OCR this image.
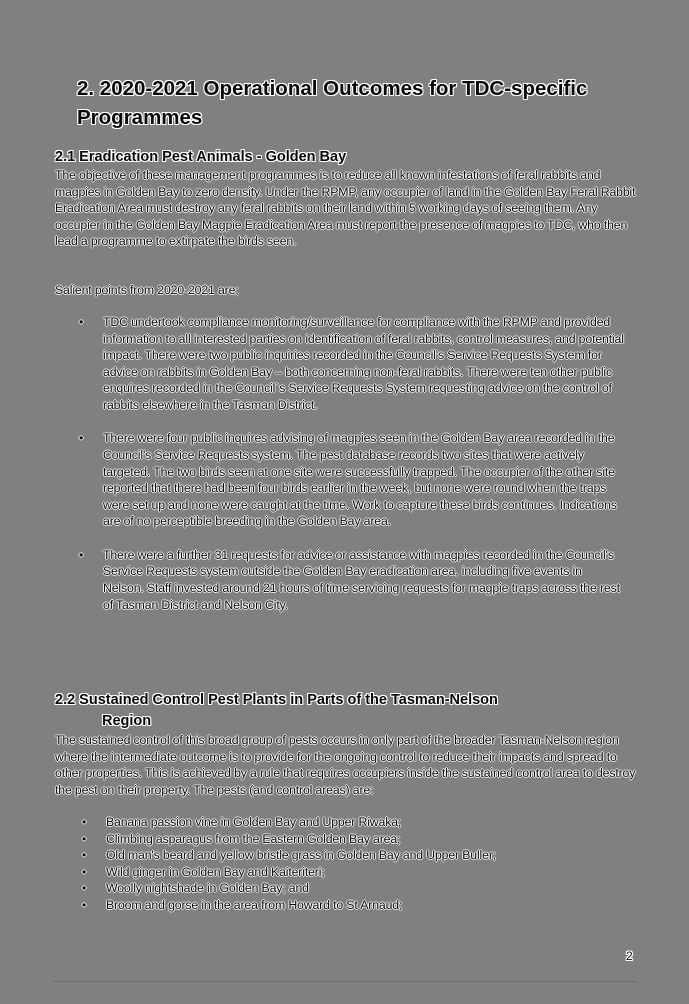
2. 2020-2021 Operational Outcomes for TDC-specific Programmes
2.1 Eradication Pest Animals - Golden Bay

The objective of these management programmes is to reduce all known infestations of feral rabbits and magpies in Golden Bay to zero density. Under the RPMP, any occupier of land in the Golden Bay Feral Rabbit Eradication Area must destroy any feral rabbits on their land within 5 working days of seeing them. Any occupier in the Golden Bay Magpie Eradication Area must report the presence of magpies to TDC, who then lead a programme to extirpate the birds seen.

Salient points from 2020-2021 are;

• TDC undertook compliance monitoring/surveillance for compliance with the RPMP and provided information to all interested parties on identification of feral rabbits, control measures, and potential impact. There were two public inquiries recorded in the Council's Service Requests System for advice on rabbits in Golden Bay – both concerning non-feral rabbits. There were ten other public enquires recorded in the Council`s Service Requests System requesting advice on the control of rabbits elsewhere in the Tasman District.
• There were four public inquires advising of magpies seen in the Golden Bay area recorded in the Council's Service Requests system. The pest database records two sites that were actively targeted. The two birds seen at one site were successfully trapped. The occupier of the other site reported that there had been four birds earlier in the week, but none were round when the traps were set up and none were caught at the time. Work to capture these birds continues. Indications are of no perceptible breeding in the Golden Bay area.
• There were a further 31 requests for advice or assistance with magpies recorded in the Council's Service Requests system outside the Golden Bay eradication area, including five events in Nelson. Staff invested around 21 hours of time servicing requests for magpie traps across the rest of Tasman District and Nelson City.
2.2 Sustained Control Pest Plants in Parts of the Tasman-Nelson
Region

The sustained control of this broad group of pests occurs in only part of the broader Tasman-Nelson region where the intermediate outcome is to provide for the ongoing control to reduce their impacts and spread to other properties. This is achieved by a rule that requires occupiers inside the sustained control area to destroy the pest on their property. The pests (and control areas) are:

• Banana passion vine in Golden Bay and Upper Riwaka;
• Climbing asparagus from the Eastern Golden Bay area;
• Old man's beard and yellow bristle grass in Golden Bay and Upper Buller;
• Wild ginger in Golden Bay and Kaiteriteri;
• Woolly nightshade in Golden Bay; and
• Broom and gorse in the area from Howard to St Arnaud;
2
